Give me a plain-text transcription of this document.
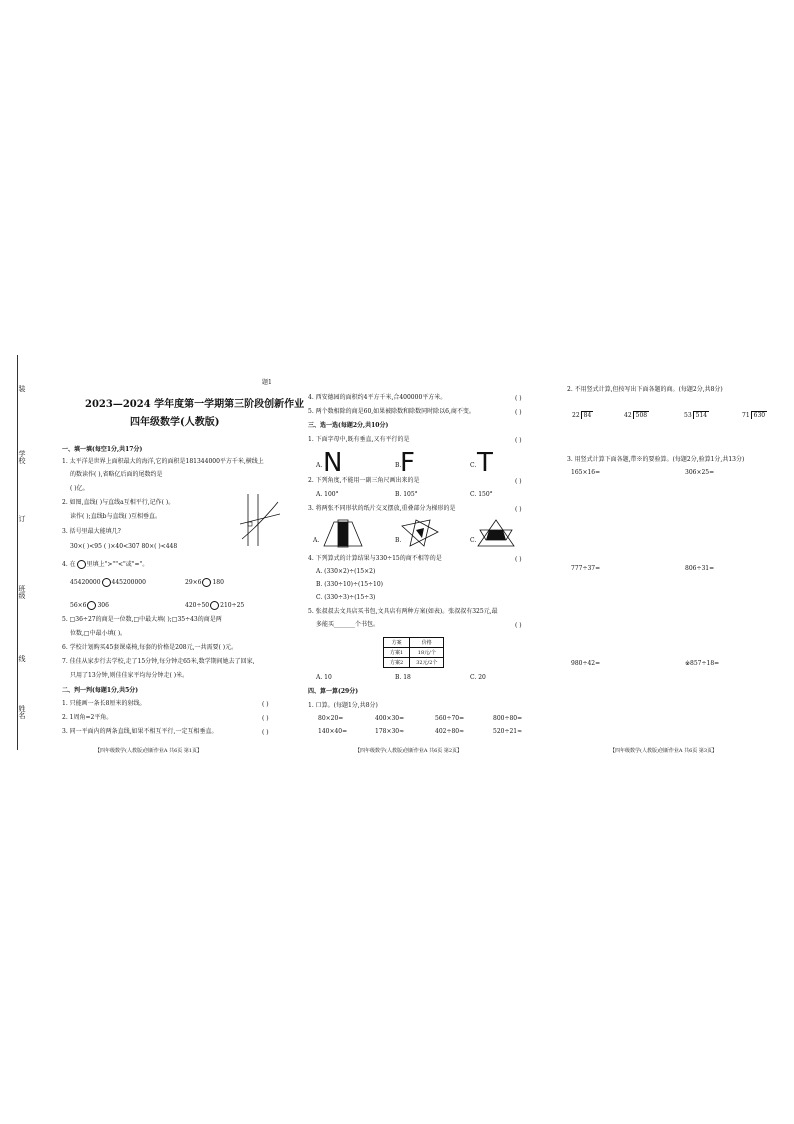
装
学校
订
班级
线
姓名
题1
2023—2024 学年度第一学期第三阶段创新作业
四年级数学(人教版)
一、填一填(每空1分,共17分)
1. 太平洋是世界上面积最大的海洋,它的面积是181344000平方千米,横线上
的数读作( ),省略亿后面的尾数约是
( )亿。
2. 如图,直线( )与直线a互相平行,记作( )。
读作( );直线b与直线( )互相垂直。
3. 括号里最大能填几?
30×( )<95 ( )×40<307 80×( )<448
4. 在 里填上">""<"或"="。
45420000 445200000	29×6 180
56×6 306	420÷50 210÷25
5. □36÷27的商是一位数,□中最大填( );□35÷43的商是两
位数,□中最小填( )。
6. 学校计划购买45套课桌椅,每套的价格是208元,一共需要( )元。
7. 佳佳从家步行去学校,走了15分钟,每分钟走65米,数学期间她去了回家,
只用了13分钟,则佳佳家平均每分钟走( )米。
二、判一判(每题1分,共5分)
1. 只能画一条长8厘米的射线。	( )
2. 1周角=2平角。	( )
3. 同一平面内的两条直线,如果不相互平行,一定互相垂直。	( )
【四年级数学(人教版)创新作业A 共6页 第1页】
4. 西安德园的面积约4平方千米,合400000平方米。	( )
5. 两个数相除的商是60,如果被除数和除数同时除以6,商不变。	( )
三、选一选(每题2分,共10分)
1. 下面字母中,既有垂直,又有平行的是	( )
A. N	B.
F	C. T
2. 下列角度,不能用一副三角尺画出来的是	( )
A. 100°	B. 105°	C. 150°
3. 将两张不同形状的纸片交叉摆放,重叠部分为梯形的是	( )
A.	B.	C.
4. 下列算式的计算结果与330÷15的商不相等的是	( )
A. (330×2)÷(15×2)
B. (330÷10)÷(15÷10)
C. (330÷3)÷(15÷3)
5. 张叔叔去文具店买书包,文具店有两种方案(如表)。张叔叔有325元,最
多能买_______个书包。	( )
方案	价格
方案1	18元/个
方案2	32元/2个
A. 10	B. 18	C. 20
四、算一算(29分)
1. 口算。(每题1分,共8分)
80×20=	400×30=	560÷70=	800÷80=
140×40=	178×30≈	402÷80≈	520÷21≈
【四年级数学(人教版)创新作业A 共6页 第2页】
2. 不用竖式计算,但按写出下面各题的商。(每题2分,共8分)
22 84	42 508	53 514	71 630
3. 用竖式计算下面各题,带※的要验算。(每题2分,验算1分,共13分)
165×16=	306×25=
777÷37=	806÷31=
980÷42=	※857÷18=
【四年级数学(人教版)创新作业A 共6页 第3页】
